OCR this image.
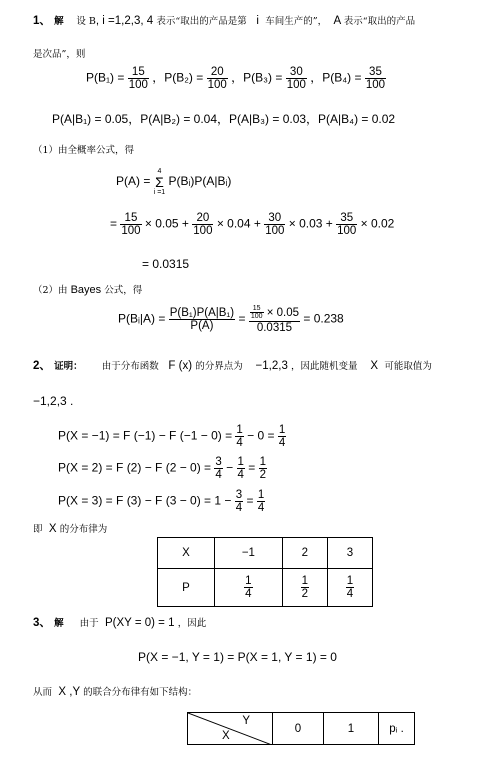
1、 解 设 B, i =1,2,3, 4 表示“取出的产品是第 i 车间生产的”， A 表示“取出的产品
是次品”，则
$P(B_1) = \frac{15}{100}$ ，$P(B_2) = \frac{20}{100}$ ，$P(B_3) = \frac{30}{100}$ ，$P(B_4) = \frac{35}{100}$
P(A|B₁) = 0.05，P(A|B₂) = 0.04，P(A|B₃) = 0.03，P(A|B₄) = 0.02
（1）由全概率公式，得
P(A) =
4
Σ
i =1
P(Bᵢ)P(A|Bᵢ)
= $\frac{15}{100} \times 0.05 + \frac{20}{100} \times 0.04 + \frac{30}{100} \times 0.03 + \frac{35}{100} \times 0.02$
= 0.0315
（2）由 Bayes 公式，得
P(Bᵢ|A) = $\frac{\text{P(B₁)P(A|B₁)}}{P(A)} = \frac{\frac{15}{100} \times 0.05}{0.0315} = 0.238$
2、 证明： 由于分布函数 F (x) 的分界点为 −1,2,3 ，因此随机变量 X 可能取值为
−1,2,3 .
P(X = −1) = F (−1) − F $(-1 - 0) = \frac{1}{4} - 0 = \frac{1}{4}$
P(X = 2) = F (2) − F $(2 - 0) = \frac{3}{4} - \frac{1}{4} = \frac{1}{2}$
P(X = 3) = F (3) − F $(3 - 0) = 1 - \frac{3}{4} = \frac{1}{4}$
即 X 的分布律为
X	−1	2	3
P	$\frac{1}{4}$	$\frac{1}{2}$	$\frac{1}{4}$
3、 解 由于 P(XY = 0) = 1 ，因此
P(X = −1, Y = 1) = P(X = 1, Y = 1) = 0
从而 X ,Y 的联合分布律有如下结构：
Y
X
	0	1	pᵢ .
